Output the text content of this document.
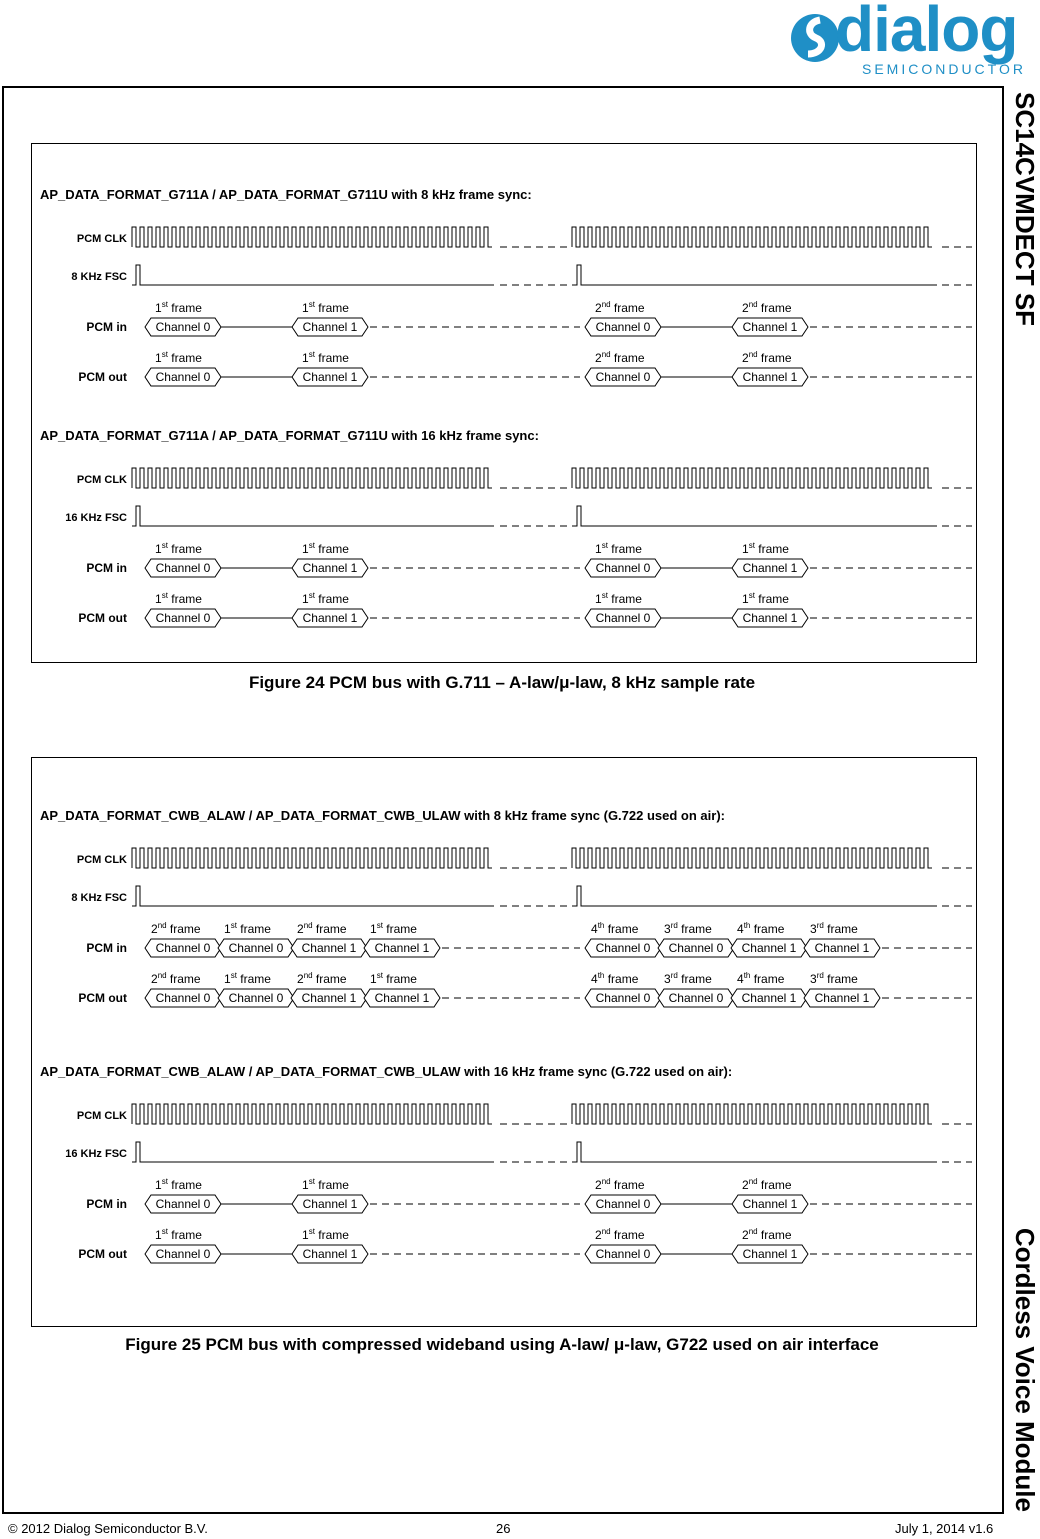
dialog
SEMICONDUCTOR
SC14CVMDECT SF
Cordless Voice Module
AP_DATA_FORMAT_G711A / AP_DATA_FORMAT_G711U with 8 kHz frame sync:
PCM CLK
8 KHz FSC
PCM in Channel 0
1st frame
Channel 1
1st frame
Channel 0
2nd frame
Channel 1
2nd frame
PCM out Channel 0
1st frame
Channel 1
1st frame
Channel 0
2nd frame
Channel 1
2nd frame
AP_DATA_FORMAT_G711A / AP_DATA_FORMAT_G711U with 16 kHz frame sync:
PCM CLK
16 KHz FSC
PCM in Channel 0
1st frame
Channel 1
1st frame
Channel 0
1st frame
Channel 1
1st frame
PCM out Channel 0
1st frame
Channel 1
1st frame
Channel 0
1st frame
Channel 1
1st frame
Figure 24 PCM bus with G.711 – A-law/μ-law, 8 kHz sample rate
AP_DATA_FORMAT_CWB_ALAW / AP_DATA_FORMAT_CWB_ULAW with 8 kHz frame sync (G.722 used on air):
PCM CLK
8 KHz FSC
PCM in Channel 0
2nd frame
Channel 0
1st frame
Channel 1
2nd frame
Channel 1
1st frame
Channel 0
4th frame
Channel 0
3rd frame
Channel 1
4th frame
Channel 1
3rd frame
PCM out Channel 0
2nd frame
Channel 0
1st frame
Channel 1
2nd frame
Channel 1
1st frame
Channel 0
4th frame
Channel 0
3rd frame
Channel 1
4th frame
Channel 1
3rd frame
AP_DATA_FORMAT_CWB_ALAW / AP_DATA_FORMAT_CWB_ULAW with 16 kHz frame sync (G.722 used on air):
PCM CLK
16 KHz FSC
PCM in Channel 0
1st frame
Channel 1
1st frame
Channel 0
2nd frame
Channel 1
2nd frame
PCM out Channel 0
1st frame
Channel 1
1st frame
Channel 0
2nd frame
Channel 1
2nd frame
Figure 25 PCM bus with compressed wideband using A-law/ μ-law, G722 used on air interface
© 2012 Dialog Semiconductor B.V.	26	July 1, 2014 v1.6
